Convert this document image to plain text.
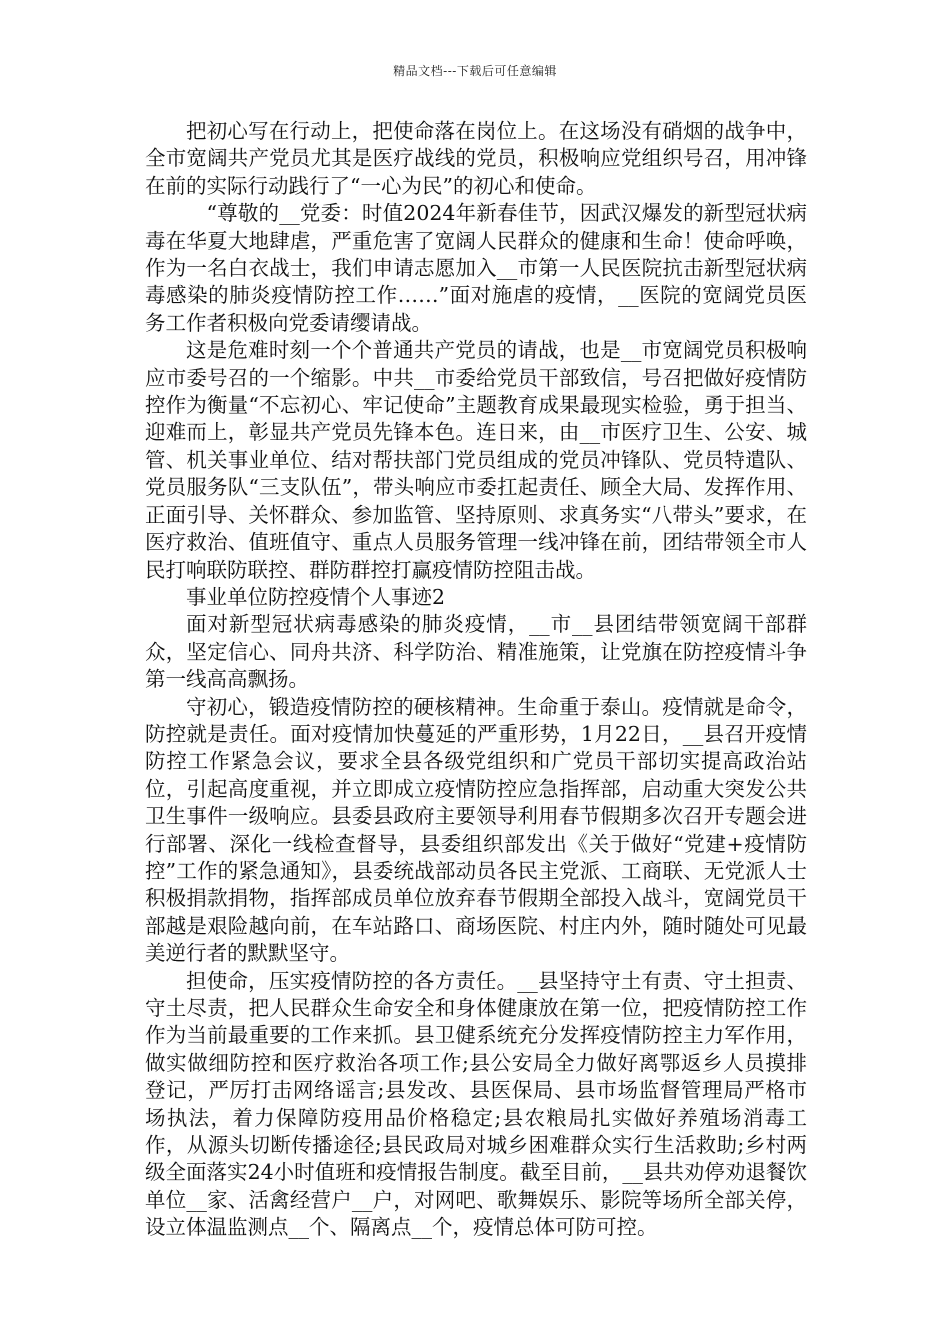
精品文档---下载后可任意编辑

把初心写在行动上，把使命落在岗位上。在这场没有硝烟的战争中，全市宽阔共产党员尤其是医疗战线的党员，积极响应党组织号召，用冲锋在前的实际行动践行了“一心为民”的初心和使命。

“尊敬的__党委：时值2024年新春佳节，因武汉爆发的新型冠状病毒在华夏大地肆虐，严重危害了宽阔人民群众的健康和生命！使命呼唤，作为一名白衣战士，我们申请志愿加入__市第一人民医院抗击新型冠状病毒感染的肺炎疫情防控工作……”面对施虐的疫情，__医院的宽阔党员医务工作者积极向党委请缨请战。

这是危难时刻一个个普通共产党员的请战，也是__市宽阔党员积极响应市委号召的一个缩影。中共__市委给党员干部致信，号召把做好疫情防控作为衡量“不忘初心、牢记使命”主题教育成果最现实检验，勇于担当、迎难而上，彰显共产党员先锋本色。连日来，由__市医疗卫生、公安、城管、机关事业单位、结对帮扶部门党员组成的党员冲锋队、党员特遣队、党员服务队“三支队伍”，带头响应市委扛起责任、顾全大局、发挥作用、正面引导、关怀群众、参加监管、坚持原则、求真务实“八带头”要求，在医疗救治、值班值守、重点人员服务管理一线冲锋在前，团结带领全市人民打响联防联控、群防群控打赢疫情防控阻击战。

事业单位防控疫情个人事迹2

面对新型冠状病毒感染的肺炎疫情，__市__县团结带领宽阔干部群众，坚定信心、同舟共济、科学防治、精准施策，让党旗在防控疫情斗争第一线高高飘扬。

守初心，锻造疫情防控的硬核精神。生命重于泰山。疫情就是命令，防控就是责任。面对疫情加快蔓延的严重形势，1月22日，__县召开疫情防控工作紧急会议，要求全县各级党组织和广党员干部切实提高政治站位，引起高度重视，并立即成立疫情防控应急指挥部，启动重大突发公共卫生事件一级响应。县委县政府主要领导利用春节假期多次召开专题会进行部署、深化一线检查督导，县委组织部发出《关于做好“党建+疫情防控”工作的紧急通知》，县委统战部动员各民主党派、工商联、无党派人士积极捐款捐物，指挥部成员单位放弃春节假期全部投入战斗，宽阔党员干部越是艰险越向前，在车站路口、商场医院、村庄内外，随时随处可见最美逆行者的默默坚守。

担使命，压实疫情防控的各方责任。__县坚持守土有责、守土担责、守土尽责，把人民群众生命安全和身体健康放在第一位，把疫情防控工作作为当前最重要的工作来抓。县卫健系统充分发挥疫情防控主力军作用，做实做细防控和医疗救治各项工作;县公安局全力做好离鄂返乡人员摸排登记，严厉打击网络谣言;县发改、县医保局、县市场监督管理局严格市场执法，着力保障防疫用品价格稳定;县农粮局扎实做好养殖场消毒工作，从源头切断传播途径;县民政局对城乡困难群众实行生活救助;乡村两级全面落实24小时值班和疫情报告制度。截至目前，__县共劝停劝退餐饮单位__家、活禽经营户__户，对网吧、歌舞娱乐、影院等场所全部关停，设立体温监测点__个、隔离点__个，疫情总体可防可控。
